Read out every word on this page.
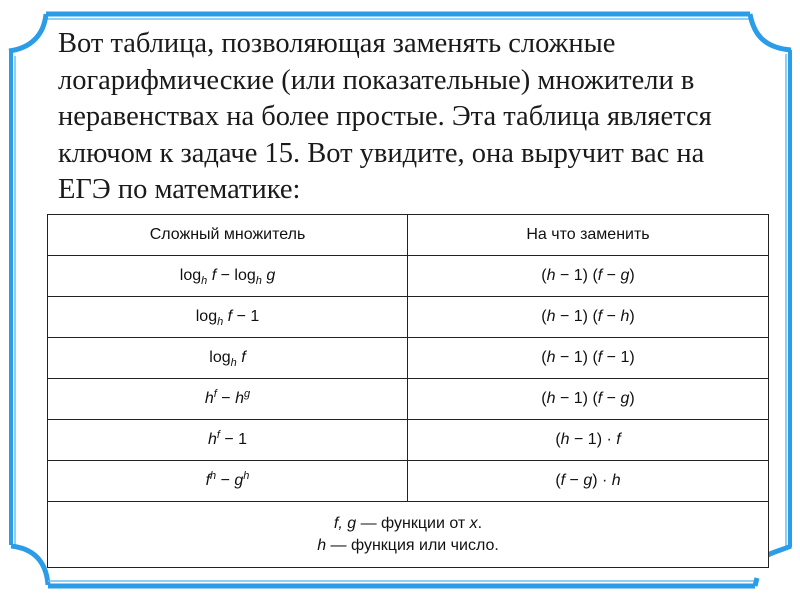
Вот таблица, позволяющая заменять сложные
логарифмические (или показательные) множители в
неравенствах на более простые. Эта таблица является
ключом к задаче 15. Вот увидите, она выручит вас на
ЕГЭ по математике:
Сложный множитель	На что заменить
$\log_h f - \log_h g$	(h − 1) (f − g)
$\log_h f - 1$	(h − 1) (f − h)
$\log_h f$	(h − 1) (f − 1)
$h^f - h^g$	(h − 1) (f − g)
$h^f - 1$	(h − 1) · f
$f^h - g^h$	(f − g) · h

f, g — функции от x.
h — функция или число.	
